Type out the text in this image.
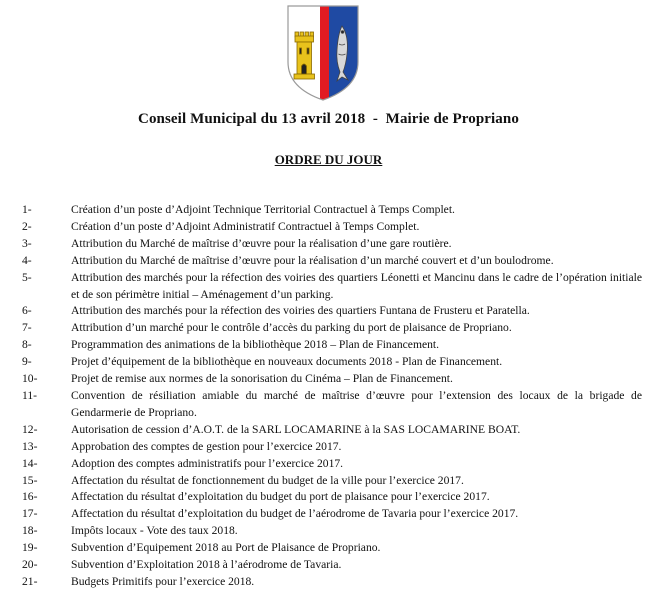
Conseil Municipal du 13 avril 2018  -  Mairie de Propriano
ORDRE DU JOUR
1-	Création d’un poste d’Adjoint Technique Territorial Contractuel à Temps Complet.
2-	Création d’un poste d’Adjoint Administratif Contractuel à Temps Complet.
3-	Attribution du Marché de maîtrise d’œuvre pour la réalisation d’une gare routière.
4-	Attribution du Marché de maîtrise d’œuvre pour la réalisation d’un marché couvert et d’un boulodrome.
5-	Attribution des marchés pour la réfection des voiries des quartiers Léonetti et Mancinu dans le cadre de l’opération initiale et de son périmètre initial – Aménagement d’un parking.
6-	Attribution des marchés pour la réfection des voiries des quartiers Funtana de Frusteru et Paratella.
7-	Attribution d’un marché pour le contrôle d’accès du parking du port de plaisance de Propriano.
8-	Programmation des animations de la bibliothèque 2018 – Plan de Financement.
9-	Projet d’équipement de la bibliothèque en nouveaux documents 2018 - Plan de Financement.
10-	Projet de remise aux normes de la sonorisation du Cinéma – Plan de Financement.
11-	Convention de résiliation amiable du marché de maîtrise d’œuvre pour l’extension des locaux de la brigade de Gendarmerie de Propriano.
12-	Autorisation de cession d’A.O.T. de la SARL LOCAMARINE à la SAS LOCAMARINE BOAT.
13-	Approbation des comptes de gestion pour l’exercice 2017.
14-	Adoption des comptes administratifs pour l’exercice 2017.
15-	Affectation du résultat de fonctionnement du budget de la ville pour l’exercice 2017.
16-	Affectation du résultat d’exploitation du budget du port de plaisance pour l’exercice 2017.
17-	Affectation du résultat d’exploitation du budget de l’aérodrome de Tavaria pour l’exercice 2017.
18-	Impôts locaux - Vote des taux 2018.
19-	Subvention d’Equipement 2018 au Port de Plaisance de Propriano.
20-	Subvention d’Exploitation 2018 à l’aérodrome de Tavaria.
21-	Budgets Primitifs pour l’exercice 2018.
